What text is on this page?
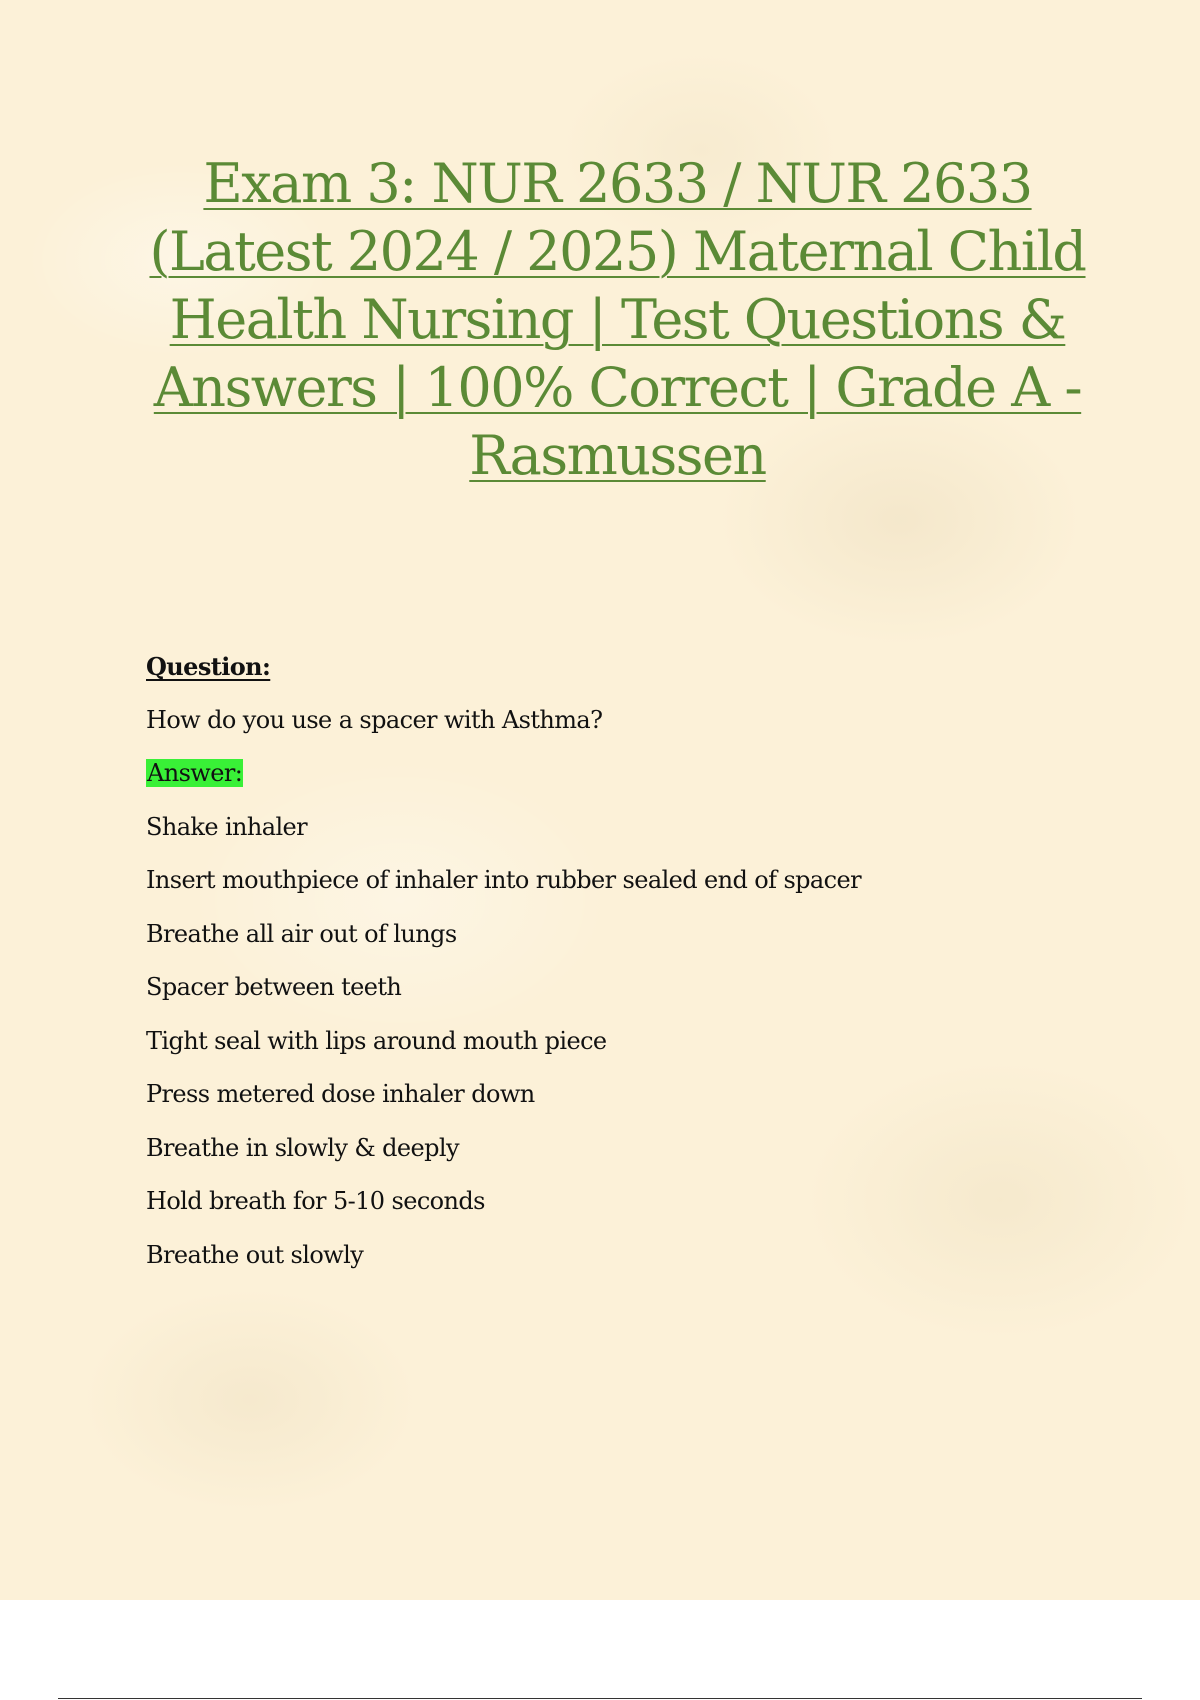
Exam 3: NUR 2633 / NUR 2633 (Latest 2024 / 2025) Maternal Child Health Nursing | Test Questions & Answers | 100% Correct | Grade A - Rasmussen
Question:
How do you use a spacer with Asthma?
Answer:
Shake inhaler
Insert mouthpiece of inhaler into rubber sealed end of spacer
Breathe all air out of lungs
Spacer between teeth
Tight seal with lips around mouth piece
Press metered dose inhaler down
Breathe in slowly & deeply
Hold breath for 5-10 seconds
Breathe out slowly
